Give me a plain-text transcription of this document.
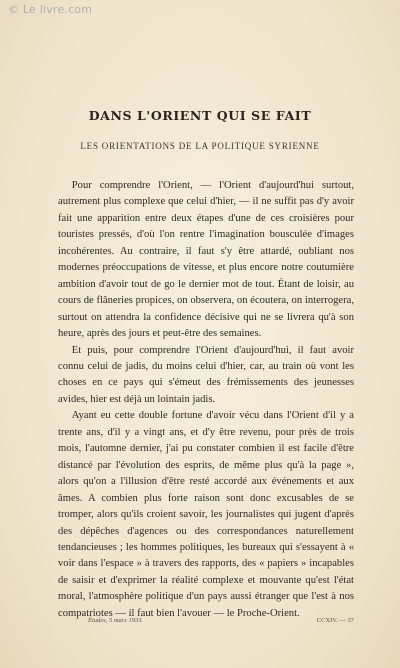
© Le livre.com
DANS L'ORIENT QUI SE FAIT
LES ORIENTATIONS DE LA POLITIQUE SYRIENNE

Pour comprendre l'Orient, — l'Orient d'aujourd'hui surtout, autrement plus complexe que celui d'hier, — il ne suffit pas d'y avoir fait une apparition entre deux étapes d'une de ces croisières pour touristes pressés, d'où l'on rentre l'imagination bousculée d'images incohérentes. Au contraire, il faut s'y être attardé, oubliant nos modernes préoccupations de vitesse, et plus encore notre coutumière ambition d'avoir tout de go le dernier mot de tout. Étant de loisir, au cours de flâneries propices, on observera, on écoutera, on interrogera, surtout on attendra la confidence décisive qui ne se livrera qu'à son heure, après des jours et peut-être des semaines.

Et puis, pour comprendre l'Orient d'aujourd'hui, il faut avoir connu celui de jadis, du moins celui d'hier, car, au train où vont les choses en ce pays qui s'émeut des frémissements des jeunesses avides, hier est déjà un lointain jadis.

Ayant eu cette double fortune d'avoir vécu dans l'Orient d'il y a trente ans, d'il y a vingt ans, et d'y être revenu, pour près de trois mois, l'automne dernier, j'ai pu constater combien il est facile d'être distancé par l'évolution des esprits, de même plus qu'à la page », alors qu'on a l'illusion d'être resté accordé aux événements et aux âmes. A combien plus forte raison sont donc excusables de se tromper, alors qu'ils croient savoir, les journalistes qui jugent d'après des dépêches d'agences ou des correspondances naturellement tendancieuses ; les hommes politiques, les bureaux qui s'essayent à « voir dans l'espace » à travers des rapports, des « papiers » incapables de saisir et d'exprimer la réalité complexe et mouvante qu'est l'état moral, l'atmosphère politique d'un pays aussi étranger que l'est à nos compatriotes — il faut bien l'avouer — le Proche-Orient.

Études, 5 mars 1933.	CCXIV. — 37
